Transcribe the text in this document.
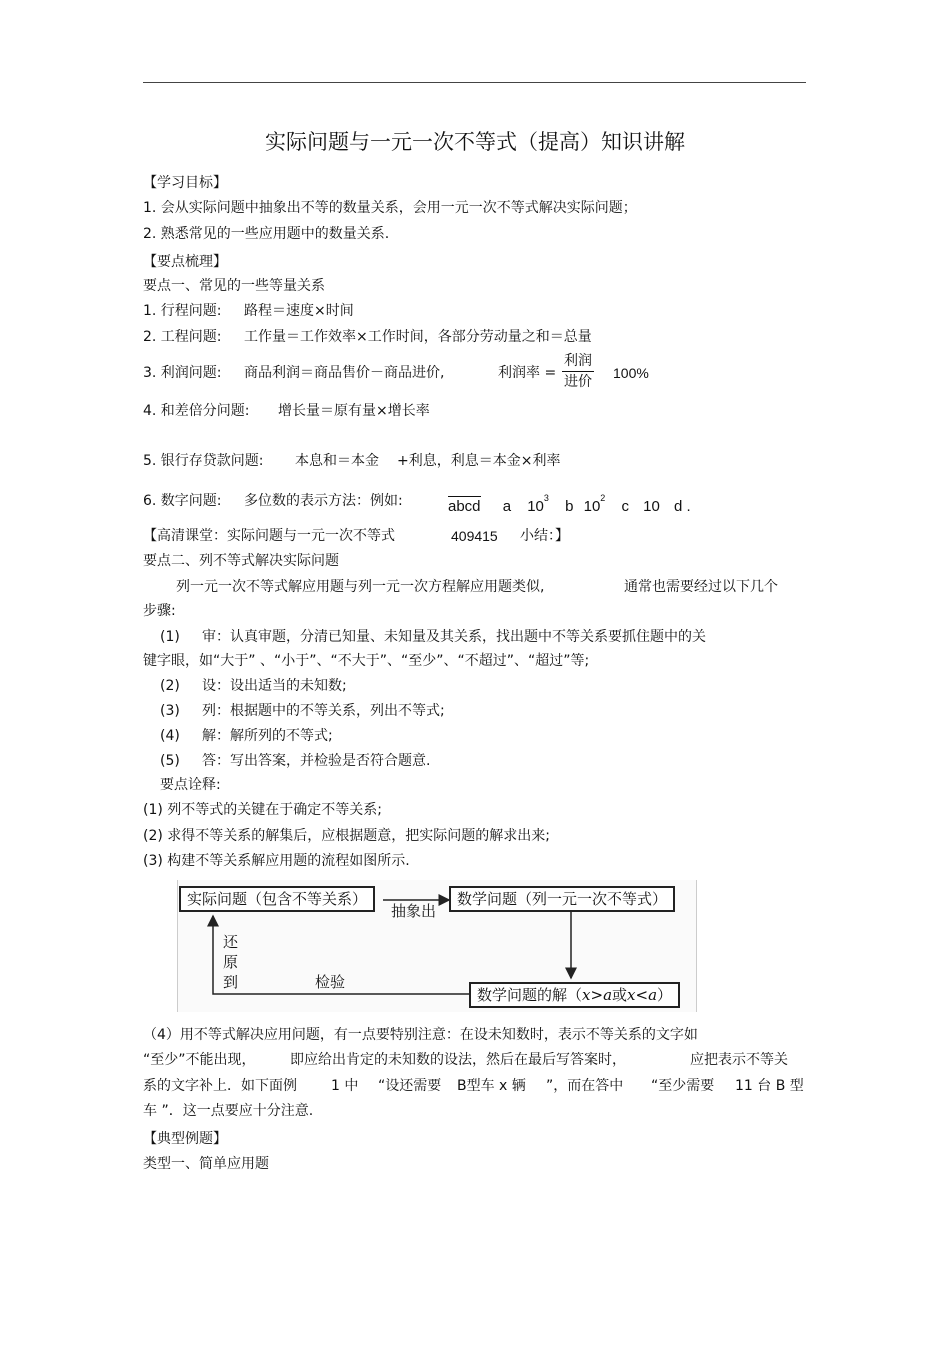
实际问题与一元一次不等式（提高）知识讲解
【学习目标】
1. 会从实际问题中抽象出不等的数量关系，会用一元一次不等式解决实际问题；
2. 熟悉常见的一些应用题中的数量关系.
【要点梳理】
要点一、常见的一些等量关系
1. 行程问题: 路程＝速度×时间
2. 工程问题: 工作量＝工作效率×工作时间，各部分劳动量之和＝总量
3. 利润问题: 商品利润＝商品售价－商品进价,	利润率 = $\frac{\text{利润}}{\text{进价}} 100\%$
4. 和差倍分问题: 增长量＝原有量×增长率
5. 银行存贷款问题: 本息和＝本金 +利息，利息＝本金×利率
6. 数字问题: 多位数的表示方法：例如:	abcd a $10^3$ b $10^2$ c 10 d .
【高清课堂：实际问题与一元一次不等式	409415 小结：】
要点二、列不等式解决实际问题
列一元一次不等式解应用题与列一元一次方程解应用题类似,	通常也需要经过以下几个
步骤:
(1) 审：认真审题，分清已知量、未知量及其关系，找出题中不等关系要抓住题中的关
键字眼，如“大于” 、“小于”、“不大于”、“至少”、“不超过”、“超过”等;
(2) 设：设出适当的未知数;
(3) 列：根据题中的不等关系，列出不等式;
(4) 解：解所列的不等式;
(5) 答：写出答案，并检验是否符合题意.
要点诠释:
(1) 列不等式的关键在于确定不等关系;
(2) 求得不等关系的解集后，应根据题意，把实际问题的解求出来;
(3) 构建不等关系解应用题的流程如图所示.
实际问题（包含不等关系）
抽象出
数学问题（列一元一次不等式）
还原到	检验
数学问题的解（x>a或x<a）
（4）用不等式解决应用问题，有一点要特别注意：在设未知数时，表示不等关系的文字如
“至少”不能出现， 即应给出肯定的未知数的设法，然后在最后写答案时，	应把表示不等关
系的文字补上．如下面例 1 中 “设还需要 B型车 x 辆 ”，而在答中 “至少需要 11 台 B 型
车 ”．这一点要应十分注意.
【典型例题】
类型一、简单应用题
